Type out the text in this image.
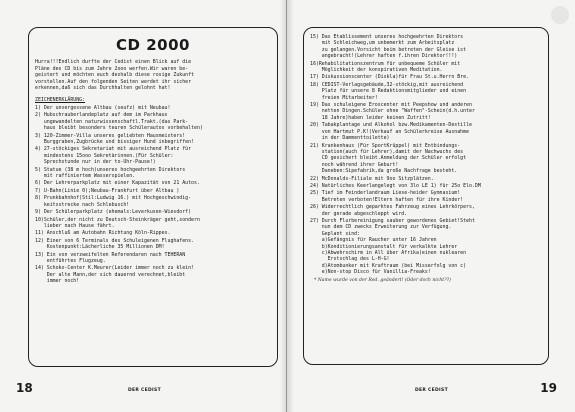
CD 2000
Hurra!!!Endlich durfte der Cedist einen Blick auf die
Pläne des CD bis zum Jahre 2ooo werfen.Wir waren be-
geistert und möchten euch deshalb diese rosige Zukunft
vorstellen.Auf den folgenden Seiten werdet ihr sicher
erkennen,daß sich das Durchhalten gelohnt hat!
ZEICHENERKLÄRUNG:
1) Der unvergessene Altbau (seufz) mit Neubau!
2) Hubschrauberlandeplatz auf dem im Parkhaus
ungewandelten naturwissenschaftl.Trakt.(das Park-
haus bleibt besonders teuren Schülerautos vorbehalten)
3) 120-Zimmer-Villa unseres geliebten Hausmeisters!
Burggraben,Zugbrücke und bissiger Hund inbegriffen!
4) 27-stöckiges Sekretariat mit ausreichend Platz für
mindestens 15ooo Sekretärinnen.(Für Schüler:
Sprechstunde nur in der to-Uhr-Pause!)
5) Statue (38 m hoch)unseres hochgeehrten Direktors
mit raffiniertem Wasserspielen.
6) Der Lehrerparkplatz mit einer Kapazität von 21 Autos.
7) U-Bahn(Linie 0);Neubau-Frankfurt über Altbau )
8) Prunkbahnhof(Stil:Ludwig 16.) mit Hochgeschwindig-
keitsstrecke nach Schlebusch!
9) Der Schülerparkplatz (ehemals:Leverkusen-Wiesdorf)
10)Schüler,der nicht zu Deutsch-Steinkräger geht,sondern
lieber nach Hause fährt.
11) Anschluß am Autobahn Richtung Köln-Rippes.
12) Einer von 6 Terminals des Schuleigenen Flughafens.
Kostenpunkt:Lächerliche 35 Millionen DM!
13) Ein von verzweifelten Referendaren nach TEHERAN
entführtes Flugzeug.
14) Schoko-Center K.Meurer(Leider immer noch zu klein!
Der alte Mann,der sich dauernd verechnet,bleibt
immer noch!
18	DER CEDIST
15) Das Etablissement unseres hochgeehrten Direktors
mit Schleichweg,um unbemerkt zum Arbeitsplatz
zu gelangen.Vorsicht beim betreten der Gleise ist
angebracht!(Lehrer haften f.ihren Direktor!!!)
16)Rehabilitationszentrum für unbequeme Schüler mit
Möglichkeit der konspirativen Meditation.
17) Diskussionscenter (Diskla)für Frau St.u.Herrn Bre.
18) CEDIST-Verlagsgebäude,32-stöckig,mit ausreichend
Platz für unsere 8 Redaktionsmitglieder und einen
freien Mitarbeiter!
19) Das schuleigene Eroscenter mit Peepshow und anderen
netten Dingen.Schüler ohne "Waffen"-Schein(d.h.unter
18 Jahre)haben leider keinen Zutritt!
20) Tabakplantage und Alkohol bzw.Medikamenten-Destille
von Hartmut P.K!(Verkauf an Schülerkreise Ausnahme
in der Dammenttoilette)
21) Krankenhaus (Für SportKrüppel) mit Entbindungs-
station(auch für Lehrer),damit der Nachwuchs des
CD gesichert bleibt.Anmeldung der Schüler erfolgt
noch während ihrer Geburt!
Daneben:Sipefabrik,da große Nachfrage besteht.
22) McDonalds-Filiale mit 9oo Sitzplätzen.
24) Natürliches Keerlangelegt von 3lo LE 1) für 25o Elo.DM
25) Tief im Feinderlandraum Liese-heider Gymnasium!
Betreten verboten!Eltern haften für ihre Kinder!
26) Widerrechtlich geparktes Fahrzeug eines Lehrkörpers,
der gerade abgeschleppt wird.
27) Durch Flurbereinigung sauber gewordenes Gebiet!Steht
nun dem CD zwecks Erweiterung zur Verfügung.
Geplant sind:
a)Gefängnis für Raucher unter 16 Jahren
b)Konditionierungsanstalt für verkalkte Lehrer
c)Abwehrschirm in All über Afrika(einen nuklearen
Erstschlag des L-H-G!
d)Atombunker mit Kraftraum (bei Misserfolg von c)
e)Non-stop Disco für Vanillia-Freaks!
* Name wurde von der Red. geändert! (Oder doch nicht??)
19
DER CEDIST
